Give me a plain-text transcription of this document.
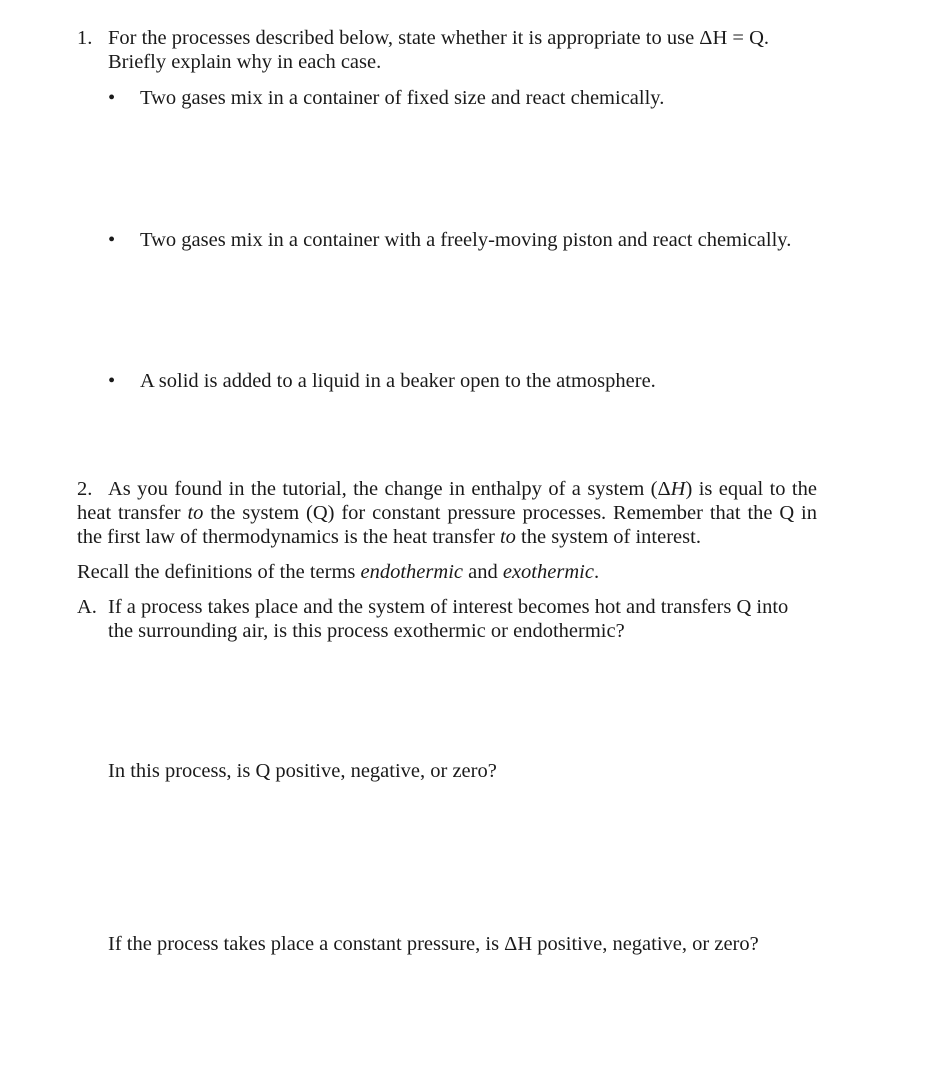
1. For the processes described below, state whether it is appropriate to use ΔH = Q.
Briefly explain why in each case.
• Two gases mix in a container of fixed size and react chemically.
• Two gases mix in a container with a freely-moving piston and react chemically.
• A solid is added to a liquid in a beaker open to the atmosphere.
2. As you found in the tutorial, the change in enthalpy of a system (ΔH) is equal to the heat transfer to the system (Q) for constant pressure processes. Remember that the Q in the first law of thermodynamics is the heat transfer to the system of interest.
Recall the definitions of the terms endothermic and exothermic.
A. If a process takes place and the system of interest becomes hot and transfers Q into the surrounding air, is this process exothermic or endothermic?
In this process, is Q positive, negative, or zero?
If the process takes place a constant pressure, is ΔH positive, negative, or zero?
